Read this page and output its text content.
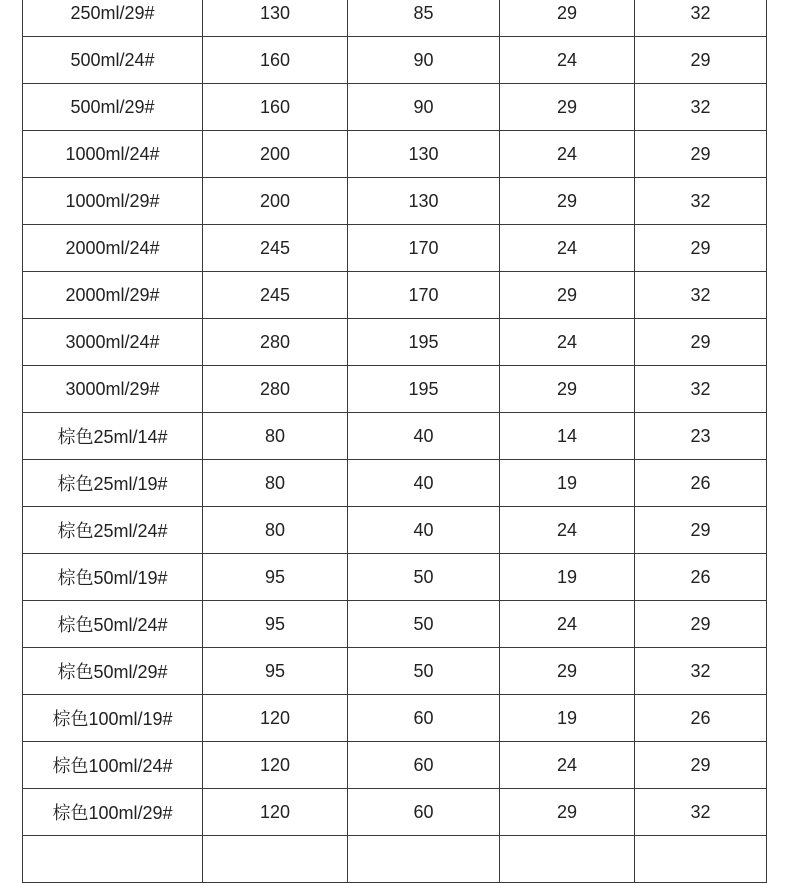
250ml/29#	130	85	29	32
500ml/24#	160	90	24	29
500ml/29#	160	90	29	32
1000ml/24#	200	130	24	29
1000ml/29#	200	130	29	32
2000ml/24#	245	170	24	29
2000ml/29#	245	170	29	32
3000ml/24#	280	195	24	29
3000ml/29#	280	195	29	32
棕色25ml/14#	80	40	14	23
棕色25ml/19#	80	40	19	26
棕色25ml/24#	80	40	24	29
棕色50ml/19#	95	50	19	26
棕色50ml/24#	95	50	24	29
棕色50ml/29#	95	50	29	32
棕色100ml/19#	120	60	19	26
棕色100ml/24#	120	60	24	29
棕色100ml/29#	120	60	29	32
